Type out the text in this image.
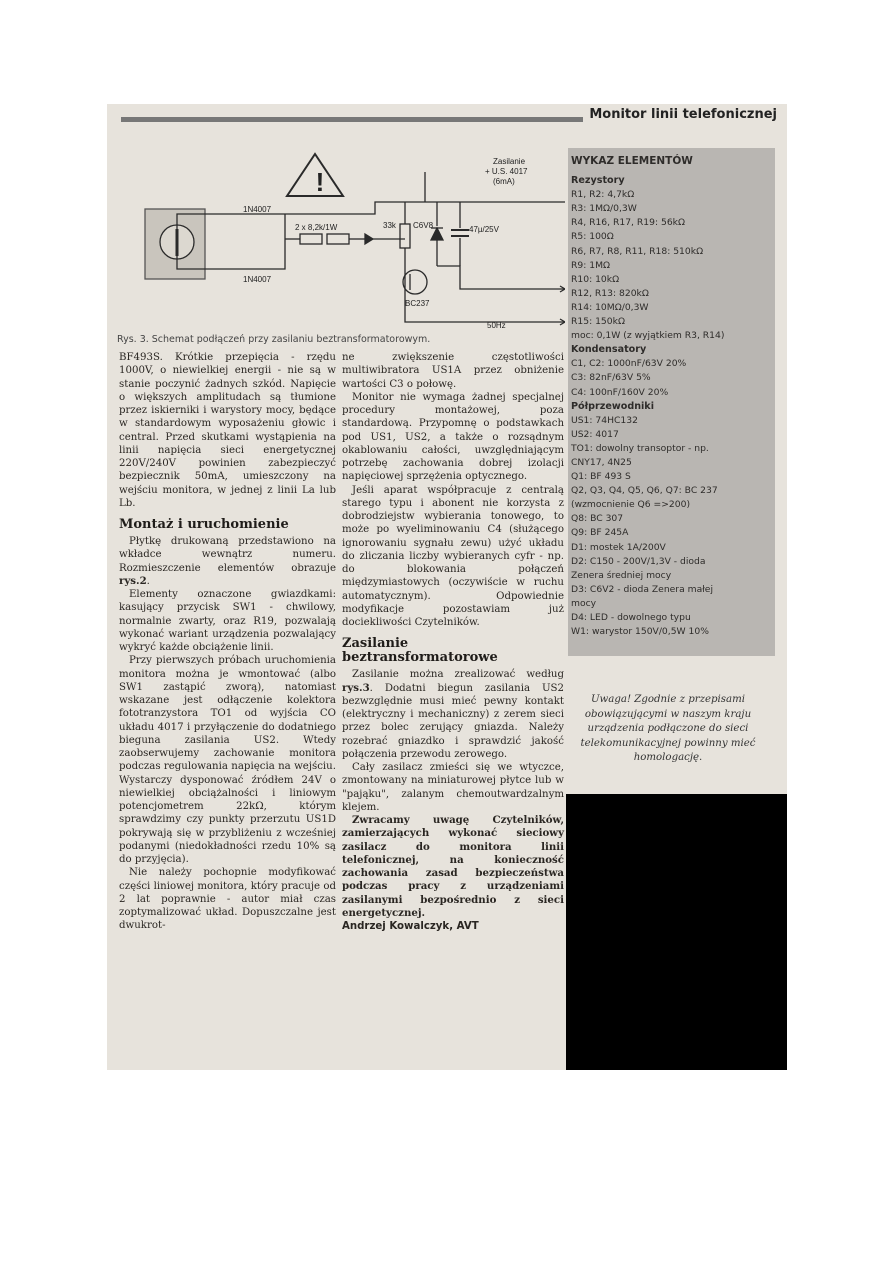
Monitor linii telefonicznej
!
Zasilanie
+ U.S. 4017
(6mA)
1N4007
1N4007
2 x 8,2k/1W	33k C6V8	47µ/25V
BC237
50Hz
Rys. 3. Schemat podłączeń przy zasilaniu beztransformatorowym.

BF493S. Krótkie przepięcia - rzędu 1000V, o niewielkiej energii - nie są w stanie poczynić żadnych szkód. Napięcie o większych amplitudach są tłumione przez iskierniki i warystory mocy, będące w standardowym wyposażeniu głowic i central. Przed skutkami wystąpienia na linii napięcia sieci energetycznej 220V/240V powinien zabezpieczyć bezpiecznik 50mA, umieszczony na wejściu monitora, w jednej z linii La lub Lb.

Montaż i uruchomienie

Płytkę drukowaną przedstawiono na wkładce wewnątrz numeru. Rozmieszczenie elementów obrazuje rys.2.

Elementy oznaczone gwiazdkami: kasujący przycisk SW1 - chwilowy, normalnie zwarty, oraz R19, pozwalają wykonać wariant urządzenia pozwalający wykryć każde obciążenie linii.

Przy pierwszych próbach uruchomienia monitora można je wmontować (albo SW1 zastąpić zworą), natomiast wskazane jest odłączenie kolektora fototranzystora TO1 od wyjścia CO układu 4017 i przyłączenie do dodatniego bieguna zasilania US2. Wtedy zaobserwujemy zachowanie monitora podczas regulowania napięcia na wejściu. Wystarczy dysponować źródłem 24V o niewielkiej obciążalności i liniowym potencjometrem 22kΩ, którym sprawdzimy czy punkty przerzutu US1D pokrywają się w przybliżeniu z wcześniej podanymi (niedokładności rzedu 10% są do przyjęcia).

Nie należy pochopnie modyfikować części liniowej monitora, który pracuje od 2 lat poprawnie - autor miał czas zoptymalizować układ. Dopuszczalne jest dwukrot-

ne zwiększenie częstotliwości multiwibratora US1A przez obniżenie wartości C3 o połowę.

Monitor nie wymaga żadnej specjalnej procedury montażowej, poza standardową. Przypomnę o podstawkach pod US1, US2, a także o rozsądnym okablowaniu całości, uwzględniającym potrzebę zachowania dobrej izolacji napięciowej sprzężenia optycznego.

Jeśli aparat współpracuje z centralą starego typu i abonent nie korzysta z dobrodziejstw wybierania tonowego, to może po wyeliminowaniu C4 (służącego ignorowaniu sygnału zewu) użyć układu do zliczania liczby wybieranych cyfr - np. do blokowania połączeń międzymiastowych (oczywiście w ruchu automatycznym). Odpowiednie modyfikacje pozostawiam już dociekliwości Czytelników.

Zasilanie beztransformatorowe

Zasilanie można zrealizować według rys.3. Dodatni biegun zasilania US2 bezwzględnie musi mieć pewny kontakt (elektryczny i mechaniczny) z zerem sieci przez bolec zerujący gniazda. Należy rozebrać gniazdko i sprawdzić jakość połączenia przewodu zerowego.

Cały zasilacz zmieści się we wtyczce, zmontowany na miniaturowej płytce lub w "pająku", zalanym chemoutwardzalnym klejem.

Zwracamy uwagę Czytelników, zamierzających wykonać sieciowy zasilacz do monitora linii telefonicznej, na konieczność zachowania zasad bezpieczeństwa podczas pracy z urządzeniami zasilanymi bezpośrednio z sieci energetycznej.

Andrzej Kowalczyk, AVT

WYKAZ ELEMENTÓW
Rezystory
R1, R2: 4,7kΩ
R3: 1MΩ/0,3W
R4, R16, R17, R19: 56kΩ
R5: 100Ω
R6, R7, R8, R11, R18: 510kΩ
R9: 1MΩ
R10: 10kΩ
R12, R13: 820kΩ
R14: 10MΩ/0,3W
R15: 150kΩ
moc: 0,1W (z wyjątkiem R3, R14)
Kondensatory
C1, C2: 1000nF/63V 20%
C3: 82nF/63V 5%
C4: 100nF/160V 20%
Półprzewodniki
US1: 74HC132
US2: 4017
TO1: dowolny transoptor - np.
CNY17, 4N25
Q1: BF 493 S
Q2, Q3, Q4, Q5, Q6, Q7: BC 237
(wzmocnienie Q6 =>200)
Q8: BC 307
Q9: BF 245A
D1: mostek 1A/200V
D2: C150 - 200V/1,3V - dioda
Zenera średniej mocy
D3: C6V2 - dioda Zenera małej
mocy
D4: LED - dowolnego typu
W1: warystor 150V/0,5W 10%
Uwaga! Zgodnie z przepisami obowiązującymi w naszym kraju urządzenia podłączone do sieci telekomunikacyjnej powinny mieć homologację.
